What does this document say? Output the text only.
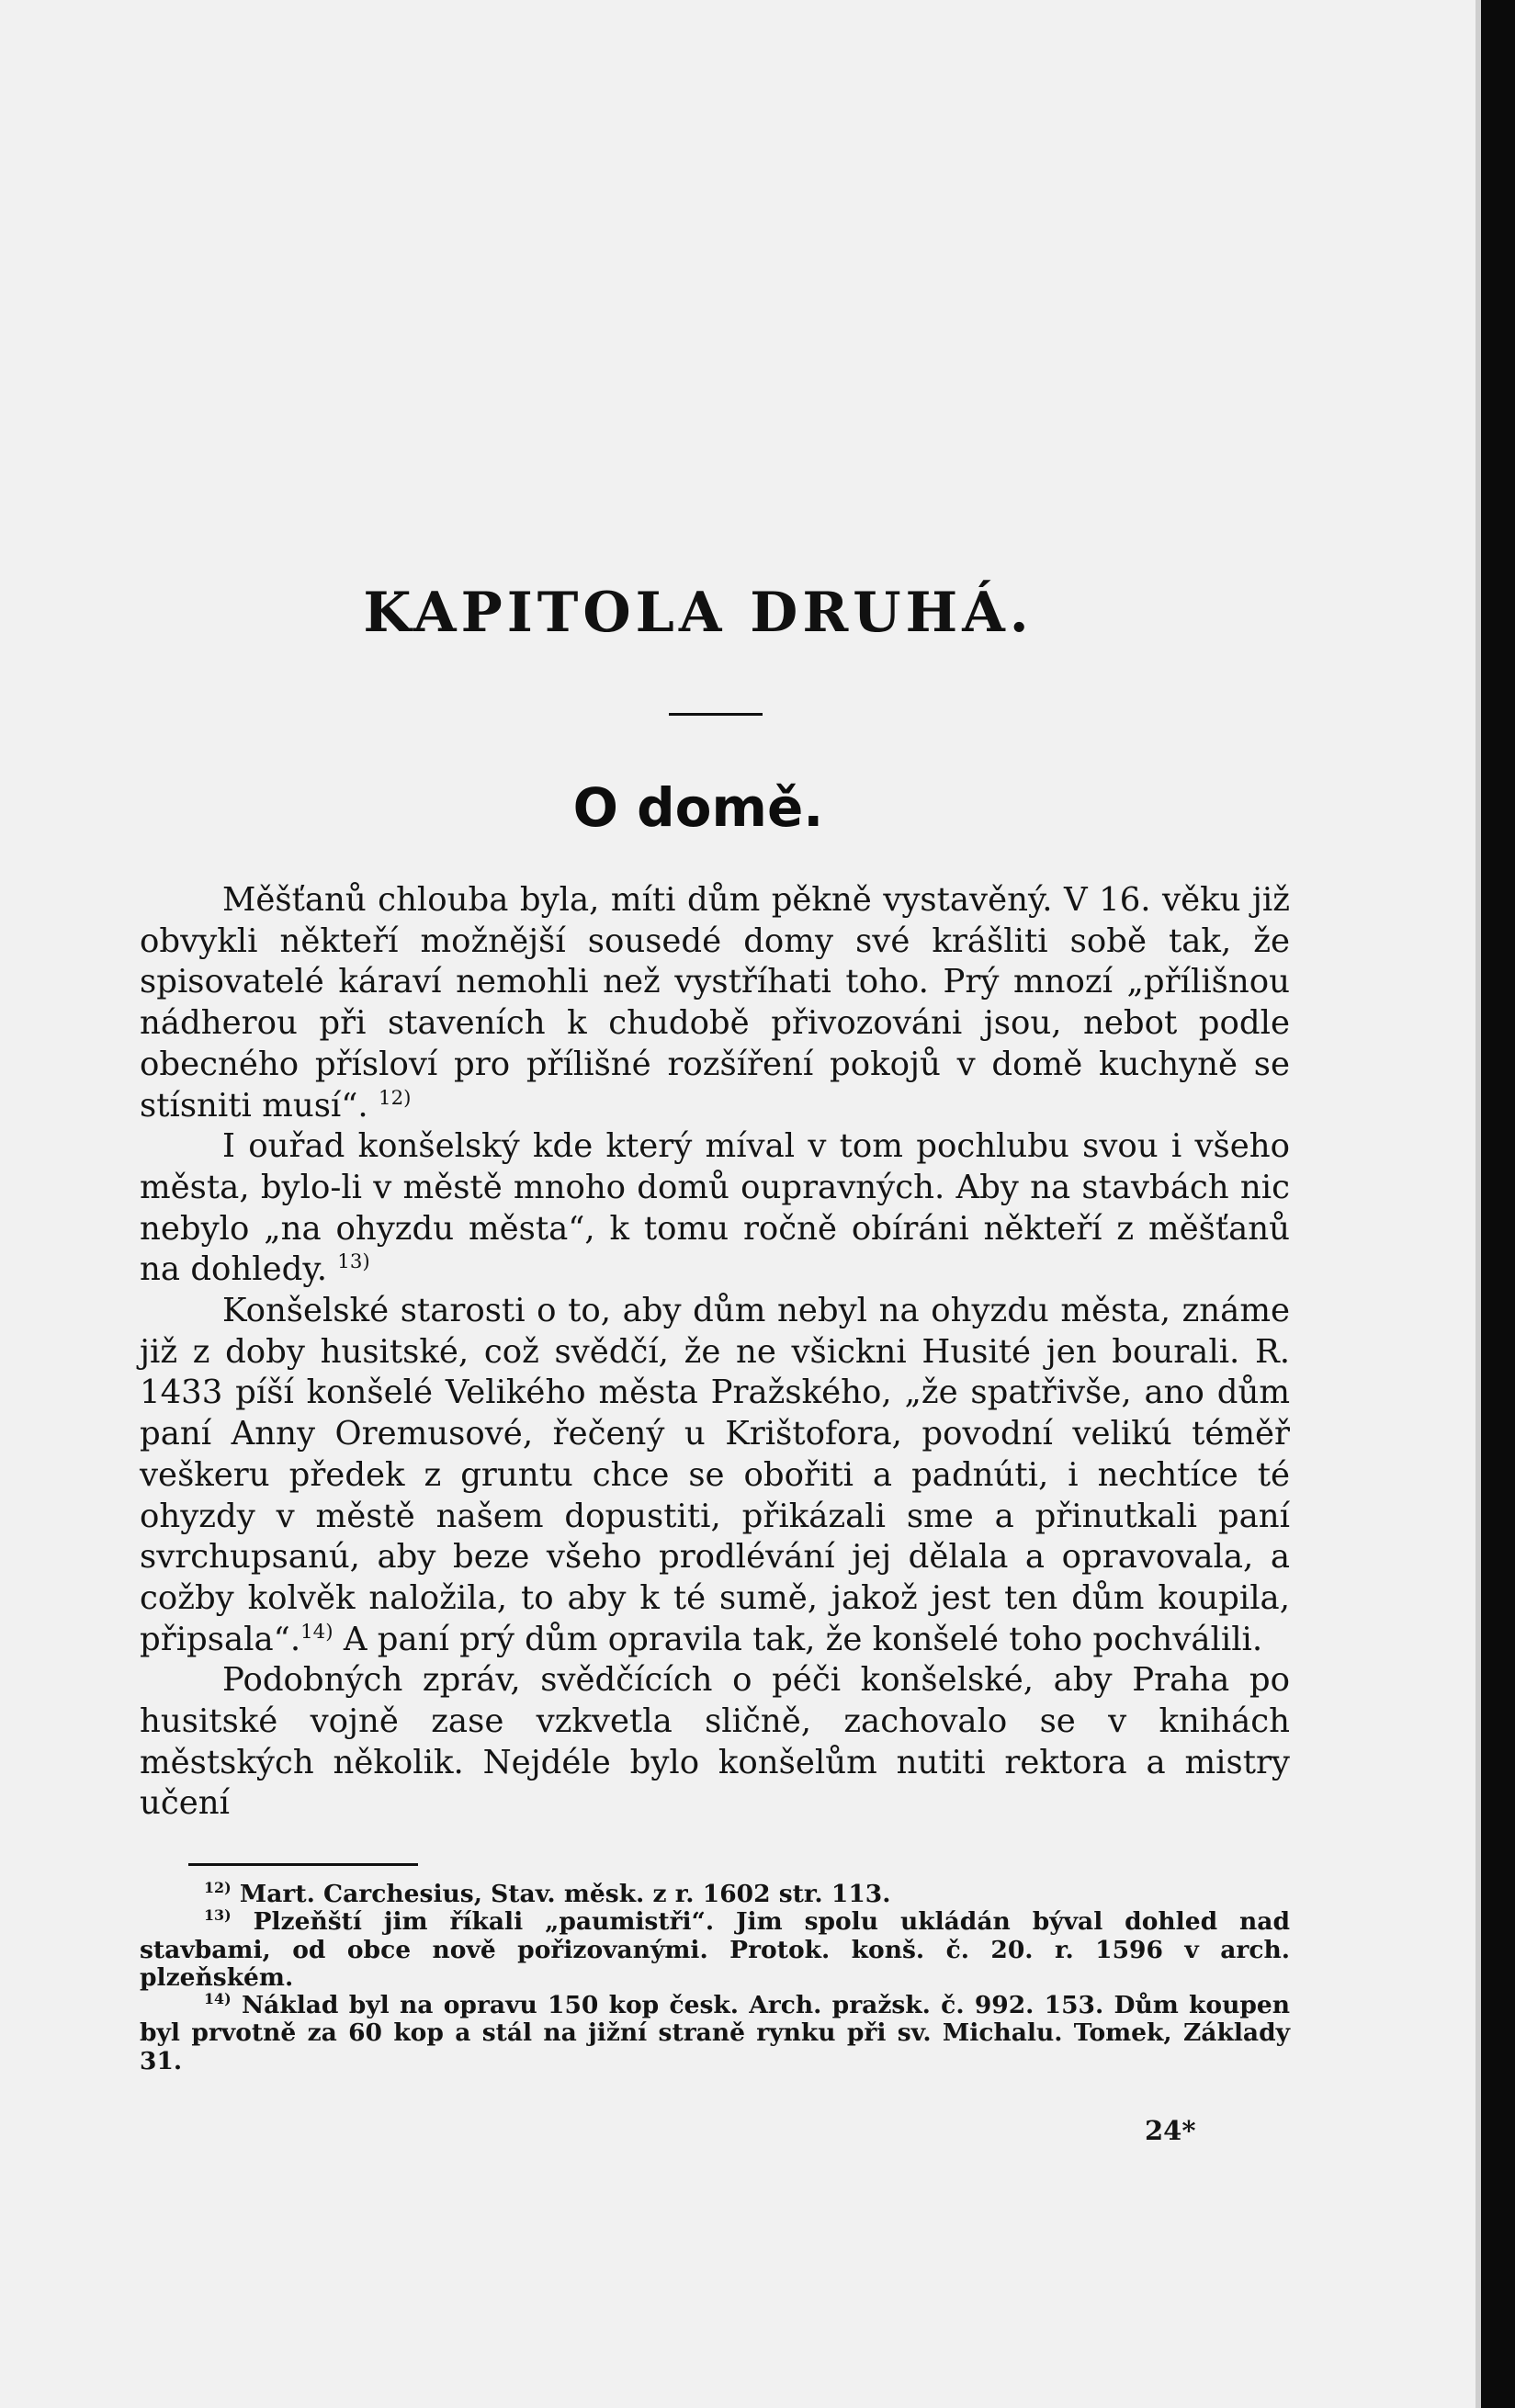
KAPITOLA DRUHÁ.
O domě.

Měšťanů chlouba byla, míti dům pěkně vystavěný. V 16. věku již obvykli někteří možnější sousedé domy své krášliti sobě tak, že spisovatelé káraví nemohli než vystříhati toho. Prý mnozí „přílišnou nádherou při staveních k chudobě přivozováni jsou, nebot podle obecného přísloví pro přílišné rozšíření pokojů v domě kuchyně se stísniti musí“. $^{12)}$

I ouřad konšelský kde který míval v tom pochlubu svou i všeho města, bylo-li v městě mnoho domů oupravných. Aby na stavbách nic nebylo „na ohyzdu města“, k tomu ročně obíráni někteří z měšťanů na dohledy. $^{13)}$

Konšelské starosti o to, aby dům nebyl na ohyzdu města, známe již z doby husitské, což svědčí, že ne všickni Husité jen bourali. R. 1433 píší konšelé Velikého města Pražského, „že spatřivše, ano dům paní Anny Oremusové, řečený u Krištofora, povodní velikú téměř veškeru předek z gruntu chce se obořiti a padnúti, i nechtíce té ohyzdy v městě našem dopustiti, přikázali sme a přinutkali paní svrchupsanú, aby beze všeho prodlévání jej dělala a opravovala, a cožby kolvěk naložila, to aby k té sumě, jakož jest ten dům koupila, připsala“.$^{14)}$ A paní prý dům opravila tak, že konšelé toho pochválili.

Podobných zpráv, svědčících o péči konšelské, aby Praha po husitské vojně zase vzkvetla sličně, zachovalo se v knihách městských několik. Nejdéle bylo konšelům nutiti rektora a mistry učení

$^{12)}$ Mart. Carchesius, Stav. měsk. z r. 1602 str. 113.

$^{13)}$ Plzeňští jim říkali „paumistři“. Jim spolu ukládán býval dohled nad stavbami, od obce nově pořizovanými. Protok. konš. č. 20. r. 1596 v arch. plzeňském.

$^{14)}$ Náklad byl na opravu 150 kop česk. Arch. pražsk. č. 992. 153. Dům koupen byl prvotně za 60 kop a stál na jižní straně rynku při sv. Michalu. Tomek, Základy 31.

24*
